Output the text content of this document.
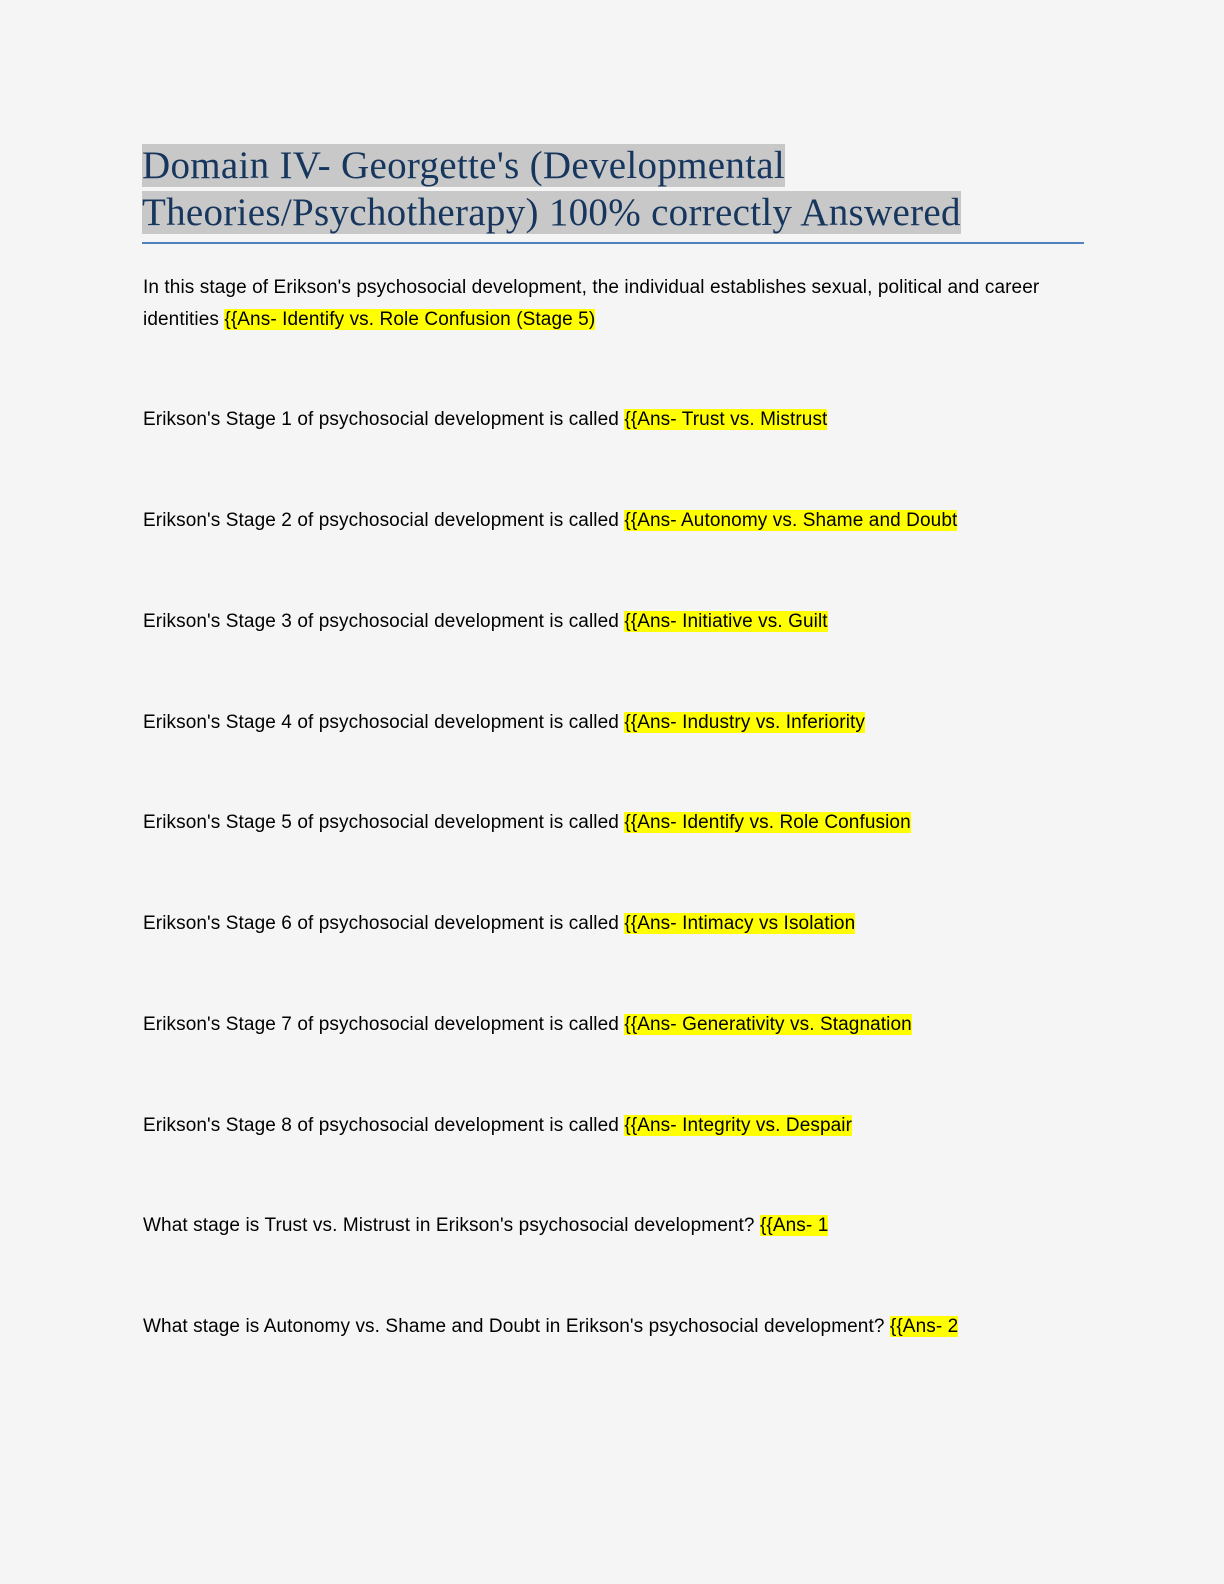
Domain IV- Georgette's (Developmental Theories/Psychotherapy) 100% correctly Answered
In this stage of Erikson's psychosocial development, the individual establishes sexual, political and career identities {{Ans- Identify vs. Role Confusion (Stage 5)
Erikson's Stage 1 of psychosocial development is called {{Ans- Trust vs. Mistrust
Erikson's Stage 2 of psychosocial development is called {{Ans- Autonomy vs. Shame and Doubt
Erikson's Stage 3 of psychosocial development is called {{Ans- Initiative vs. Guilt
Erikson's Stage 4 of psychosocial development is called {{Ans- Industry vs. Inferiority
Erikson's Stage 5 of psychosocial development is called {{Ans- Identify vs. Role Confusion
Erikson's Stage 6 of psychosocial development is called {{Ans- Intimacy vs Isolation
Erikson's Stage 7 of psychosocial development is called {{Ans- Generativity vs. Stagnation
Erikson's Stage 8 of psychosocial development is called {{Ans- Integrity vs. Despair
What stage is Trust vs. Mistrust in Erikson's psychosocial development? {{Ans- 1
What stage is Autonomy vs. Shame and Doubt in Erikson's psychosocial development? {{Ans- 2
